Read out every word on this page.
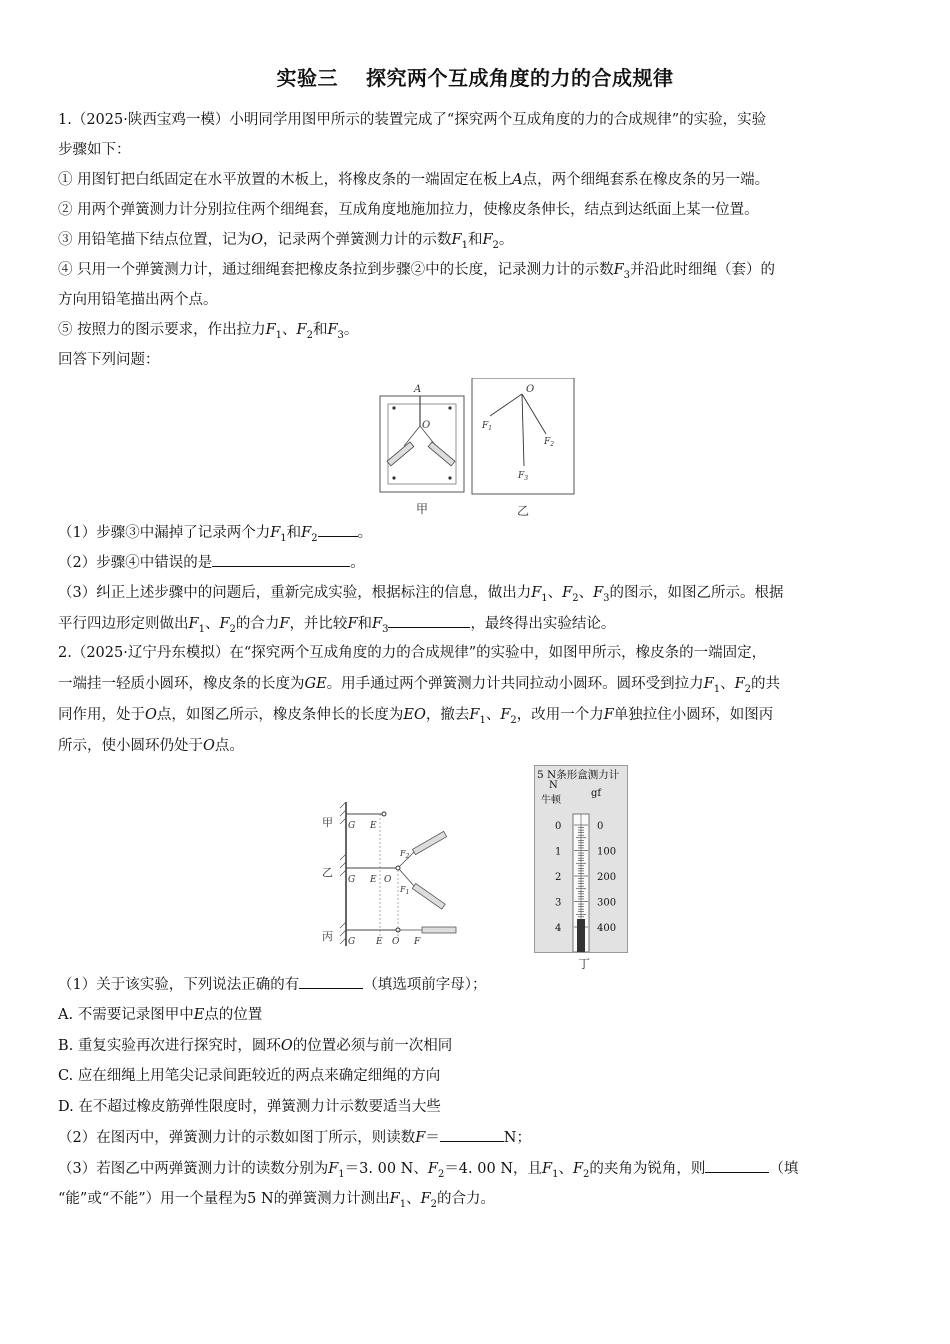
实验三 探究两个互成角度的力的合成规律
1.（2025·陕西宝鸡一模）小明同学用图甲所示的装置完成了“探究两个互成角度的力的合成规律”的实验，实验
步骤如下：
① 用图钉把白纸固定在水平放置的木板上，将橡皮条的一端固定在板上A点，两个细绳套系在橡皮条的另一端。
② 用两个弹簧测力计分别拉住两个细绳套，互成角度地施加拉力，使橡皮条伸长，结点到达纸面上某一位置。
③ 用铅笔描下结点位置，记为O，记录两个弹簧测力计的示数$F_1$和$F_2$。
④ 只用一个弹簧测力计，通过细绳套把橡皮条拉到步骤②中的长度，记录测力计的示数$F_3$并沿此时细绳（套）的
方向用铅笔描出两个点。
⑤ 按照力的图示要求，作出拉力$F_1$、$F_2$和$F_3$。
回答下列问题：
A
O
O
$F_1$
$F_2$
$F_3$
甲	乙
（1）步骤③中漏掉了记录两个力$F_1$和$F_2$	。
（2）步骤④中错误的是	。
（3）纠正上述步骤中的问题后，重新完成实验，根据标注的信息，做出力$F_1$、$F_2$、$F_3$的图示，如图乙所示。根据
平行四边形定则做出$F_1$、$F_2$的合力F，并比较F和$F_3$	，最终得出实验结论。
2.（2025·辽宁丹东模拟）在“探究两个互成角度的力的合成规律”的实验中，如图甲所示，橡皮条的一端固定，
一端挂一轻质小圆环，橡皮条的长度为GE。用手通过两个弹簧测力计共同拉动小圆环。圆环受到拉力$F_1$、$F_2$的共
同作用，处于O点，如图乙所示，橡皮条伸长的长度为EO，撤去$F_1$、$F_2$，改用一个力F单独拉住小圆环，如图丙
所示，使小圆环仍处于O点。
甲 G E
乙
$F_2$
$F_1$
G E O
丙 G E O F
5 N条形盒测力计
N
牛顿
gf
0
1
2
3
4
0
100
200
300
400
丁
（1）关于该实验，下列说法正确的有	（填选项前字母）；
A. 不需要记录图甲中E点的位置
B. 重复实验再次进行探究时，圆环O的位置必须与前一次相同
C. 应在细绳上用笔尖记录间距较近的两点来确定细绳的方向
D. 在不超过橡皮筋弹性限度时，弹簧测力计示数要适当大些
（2）在图丙中，弹簧测力计的示数如图丁所示，则读数F＝	N；
（3）若图乙中两弹簧测力计的读数分别为$F_1=3$. 00 N、$F_2=4$. 00 N，且$F_1$、$F_2$的夹角为锐角，则	（填
“能”或“不能”）用一个量程为5 N的弹簧测力计测出$F_1$、$F_2$的合力。
